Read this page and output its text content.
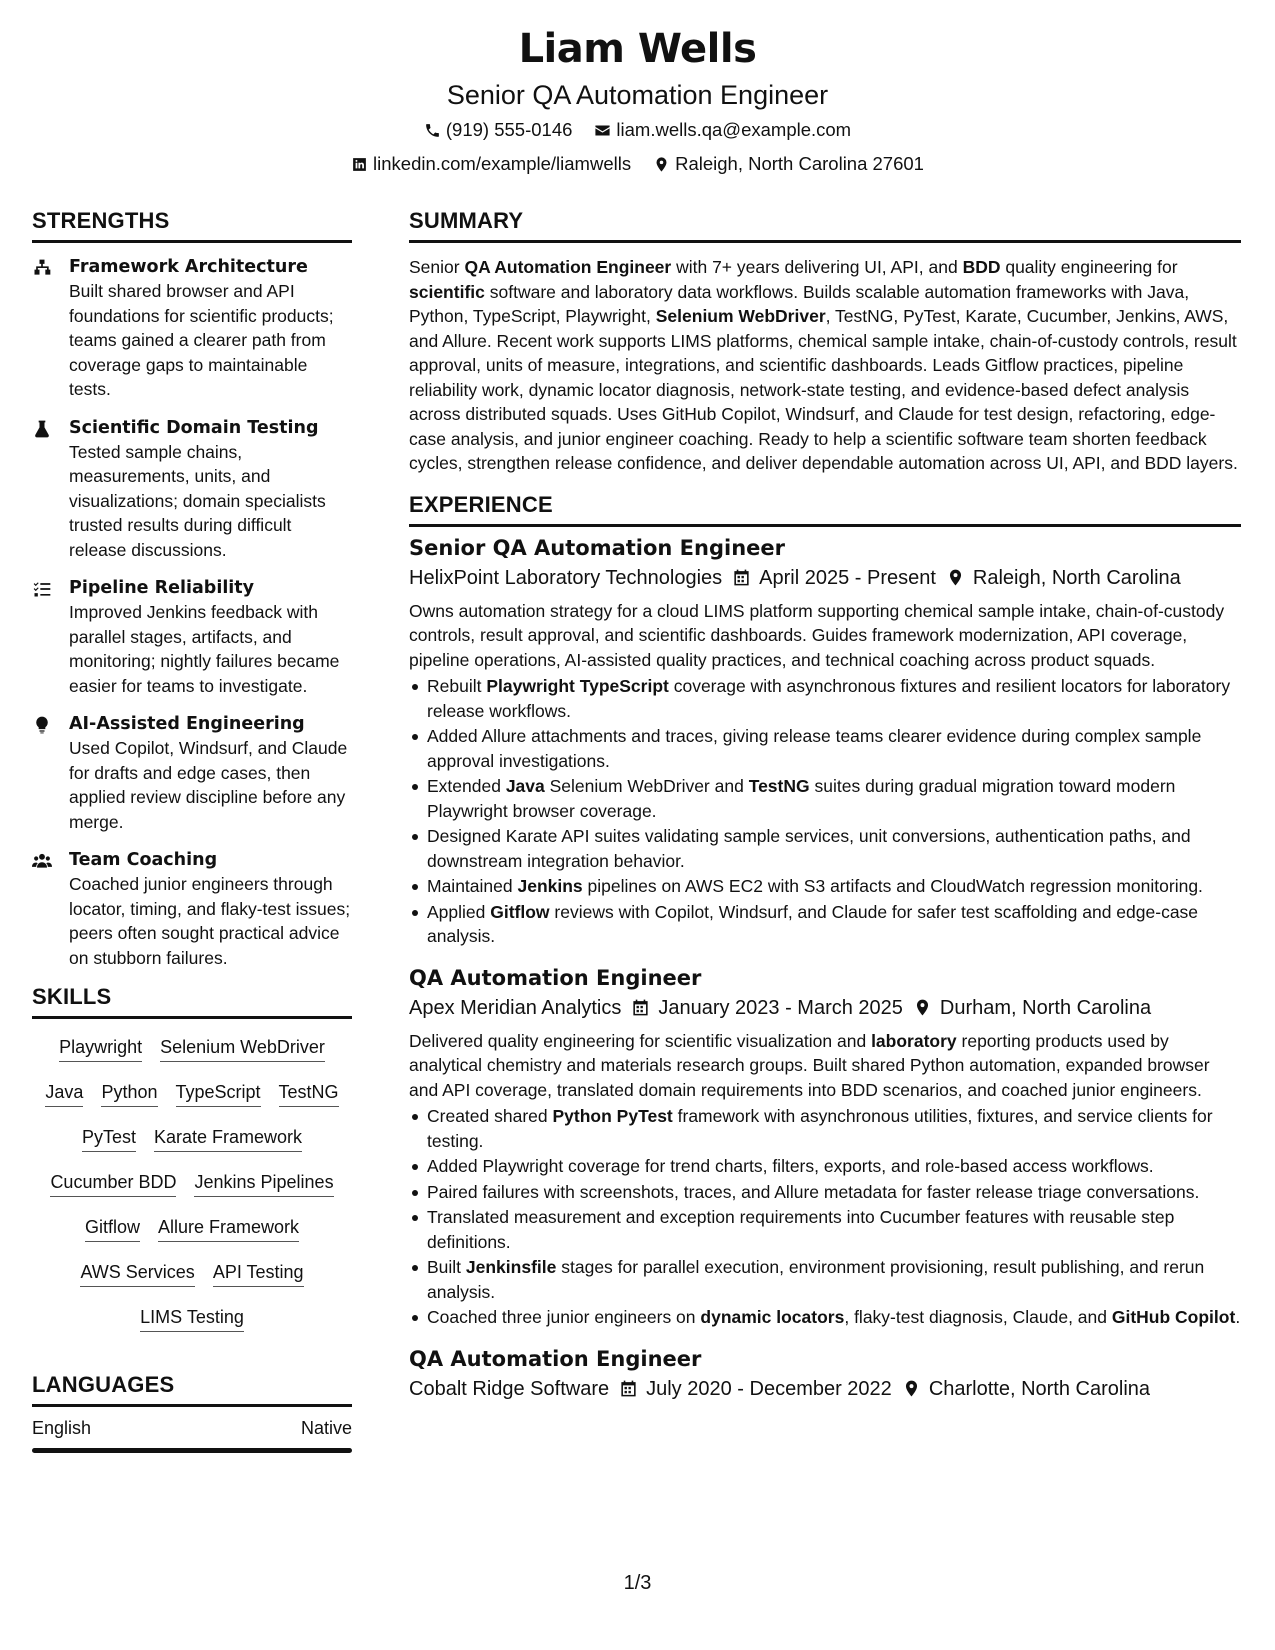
Liam Wells
Senior QA Automation Engineer
(919) 555-0146 liam.wells.qa@example.com
linkedin.com/example/liamwells Raleigh, North Carolina 27601
STRENGTHS
Framework Architecture
Built shared browser and API foundations for scientific products; teams gained a clearer path from coverage gaps to maintainable tests.
Scientific Domain Testing
Tested sample chains, measurements, units, and visualizations; domain specialists trusted results during difficult release discussions.
Pipeline Reliability
Improved Jenkins feedback with parallel stages, artifacts, and monitoring; nightly failures became easier for teams to investigate.
AI-Assisted Engineering
Used Copilot, Windsurf, and Claude for drafts and edge cases, then applied review discipline before any merge.
Team Coaching
Coached junior engineers through locator, timing, and flaky-test issues; peers often sought practical advice on stubborn failures.
SKILLS
Playwright Selenium WebDriver
Java Python TypeScript TestNG
PyTest Karate Framework
Cucumber BDD Jenkins Pipelines
Gitflow Allure Framework
AWS Services API Testing
LIMS Testing
LANGUAGES
English	Native
SUMMARY
Senior QA Automation Engineer with 7+ years delivering UI, API, and BDD quality engineering for scientific software and laboratory data workflows. Builds scalable automation frameworks with Java, Python, TypeScript, Playwright, Selenium WebDriver, TestNG, PyTest, Karate, Cucumber, Jenkins, AWS, and Allure. Recent work supports LIMS platforms, chemical sample intake, chain-of-custody controls, result approval, units of measure, integrations, and scientific dashboards. Leads Gitflow practices, pipeline reliability work, dynamic locator diagnosis, network-state testing, and evidence-based defect analysis across distributed squads. Uses GitHub Copilot, Windsurf, and Claude for test design, refactoring, edge-case analysis, and junior engineer coaching. Ready to help a scientific software team shorten feedback cycles, strengthen release confidence, and deliver dependable automation across UI, API, and BDD layers.
EXPERIENCE
Senior QA Automation Engineer
HelixPoint Laboratory Technologies April 2025 - Present Raleigh, North Carolina
Owns automation strategy for a cloud LIMS platform supporting chemical sample intake, chain-of-custody controls, result approval, and scientific dashboards. Guides framework modernization, API coverage, pipeline operations, AI-assisted quality practices, and technical coaching across product squads.
Rebuilt Playwright TypeScript coverage with asynchronous fixtures and resilient locators for laboratory release workflows.
Added Allure attachments and traces, giving release teams clearer evidence during complex sample approval investigations.
Extended Java Selenium WebDriver and TestNG suites during gradual migration toward modern Playwright browser coverage.
Designed Karate API suites validating sample services, unit conversions, authentication paths, and downstream integration behavior.
Maintained Jenkins pipelines on AWS EC2 with S3 artifacts and CloudWatch regression monitoring.
Applied Gitflow reviews with Copilot, Windsurf, and Claude for safer test scaffolding and edge-case analysis.
QA Automation Engineer
Apex Meridian Analytics January 2023 - March 2025 Durham, North Carolina
Delivered quality engineering for scientific visualization and laboratory reporting products used by analytical chemistry and materials research groups. Built shared Python automation, expanded browser and API coverage, translated domain requirements into BDD scenarios, and coached junior engineers.
Created shared Python PyTest framework with asynchronous utilities, fixtures, and service clients for testing.
Added Playwright coverage for trend charts, filters, exports, and role-based access workflows.
Paired failures with screenshots, traces, and Allure metadata for faster release triage conversations.
Translated measurement and exception requirements into Cucumber features with reusable step definitions.
Built Jenkinsfile stages for parallel execution, environment provisioning, result publishing, and rerun analysis.
Coached three junior engineers on dynamic locators, flaky-test diagnosis, Claude, and GitHub Copilot.
QA Automation Engineer
Cobalt Ridge Software July 2020 - December 2022 Charlotte, North Carolina
1/3
